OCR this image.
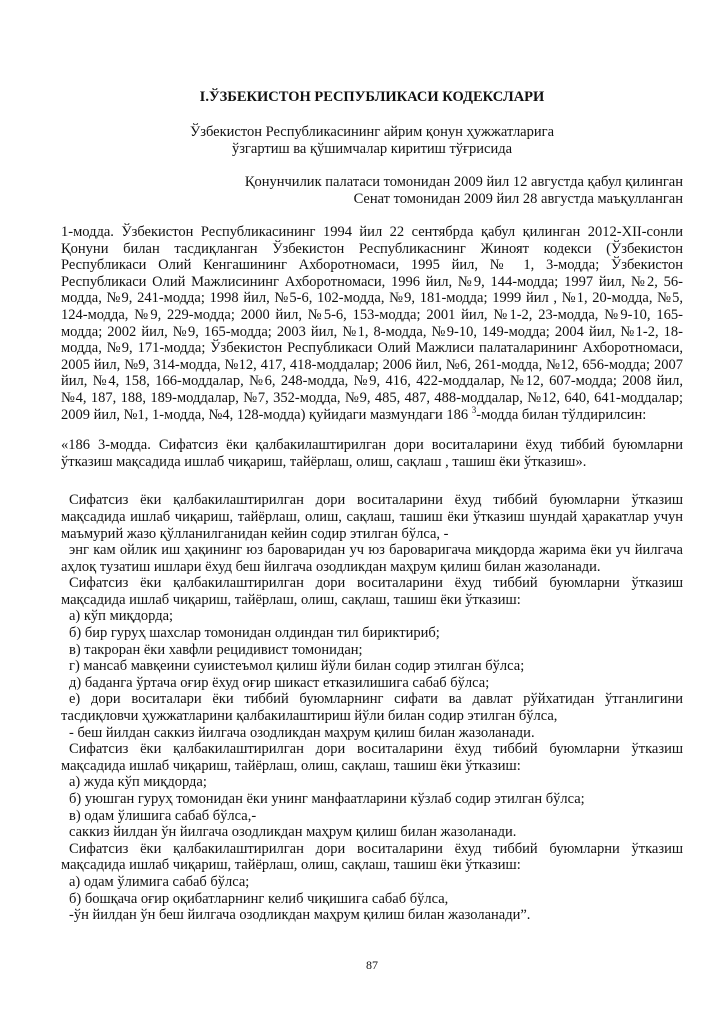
I.ЎЗБЕКИСТОН РЕСПУБЛИКАСИ КОДЕКСЛАРИ
Ўзбекистон Республикасининг айрим қонун ҳужжатларига
ўзгартиш ва қўшимчалар киритиш тўғрисида
Қонунчилик палатаси томонидан 2009 йил 12 августда қабул қилинган
Сенат томонидан 2009 йил 28 августда маъқулланган

1-модда. Ўзбекистон Республикасининг 1994 йил 22 сентябрда қабул қилинган 2012-XII-сонли Қонуни билан тасдиқланган Ўзбекистон Республикаснинг Жиноят кодекси (Ўзбекистон Республикаси Олий Кенгашининг Ахборотномаси, 1995 йил, № 1, 3-модда; Ўзбекистон Республикаси Олий Мажлисининг Ахборотномаси, 1996 йил, №9, 144-модда; 1997 йил, №2, 56-модда, №9, 241-модда; 1998 йил, №5-6, 102-модда, №9, 181-модда; 1999 йил , №1, 20-модда, №5, 124-модда, №9, 229-модда; 2000 йил, №5-6, 153-модда; 2001 йил, №1-2, 23-модда, №9-10, 165-модда; 2002 йил, №9, 165-модда; 2003 йил, №1, 8-модда, №9-10, 149-модда; 2004 йил, №1-2, 18-модда, №9, 171-модда; Ўзбекистон Республикаси Олий Мажлиси палаталарининг Ахборотномаси, 2005 йил, №9, 314-модда, №12, 417, 418-моддалар; 2006 йил, №6, 261-модда, №12, 656-модда; 2007 йил, №4, 158, 166-моддалар, №6, 248-модда, №9, 416, 422-моддалар, №12, 607-модда; 2008 йил, №4, 187, 188, 189-моддалар, №7, 352-модда, №9, 485, 487, 488-моддалар, №12, 640, 641-моддалар; 2009 йил, №1, 1-модда, №4, 128-модда) қуйидаги мазмундаги 186 $^3$-модда билан тўлдирилсин:

«186 3-модда. Сифатсиз ёки қалбакилаштирилган дори воситаларини ёхуд тиббий буюмларни ўтказиш мақсадида ишлаб чиқариш, тайёрлаш, олиш, сақлаш , ташиш ёки ўтказиш».

Сифатсиз ёки қалбакилаштирилган дори воситаларини ёхуд тиббий буюмларни ўтказиш мақсадида ишлаб чиқариш, тайёрлаш, олиш, сақлаш, ташиш ёки ўтказиш шундай ҳаракатлар учун маъмурий жазо қўлланилганидан кейин содир этилган бўлса, -

энг кам ойлик иш ҳақининг юз бароваридан уч юз бароваригача миқдорда жарима ёки уч йилгача аҳлоқ тузатиш ишлари ёхуд беш йилгача озодликдан маҳрум қилиш билан жазоланади.

Сифатсиз ёки қалбакилаштирилган дори воситаларини ёхуд тиббий буюмларни ўтказиш мақсадида ишлаб чиқариш, тайёрлаш, олиш, сақлаш, ташиш ёки ўтказиш:

а) кўп миқдорда;

б) бир гуруҳ шахслар томонидан олдиндан тил бириктириб;

в) такроран ёки хавфли рецидивист томонидан;

г) мансаб мавқеини суиистеъмол қилиш йўли билан содир этилган бўлса;

д) баданга ўртача оғир ёхуд оғир шикаст етказилишига сабаб бўлса;

е) дори воситалари ёки тиббий буюмларнинг сифати ва давлат рўйхатидан ўтганлигини тасдиқловчи ҳужжатларини қалбакилаштириш йўли билан содир этилган бўлса,

- беш йилдан саккиз йилгача озодликдан маҳрум қилиш билан жазоланади.

Сифатсиз ёки қалбакилаштирилган дори воситаларини ёхуд тиббий буюмларни ўтказиш мақсадида ишлаб чиқариш, тайёрлаш, олиш, сақлаш, ташиш ёки ўтказиш:

а) жуда кўп миқдорда;

б) уюшган гуруҳ томонидан ёки унинг манфаатларини кўзлаб содир этилган бўлса;

в) одам ўлишига сабаб бўлса,-

саккиз йилдан ўн йилгача озодликдан маҳрум қилиш билан жазоланади.

Сифатсиз ёки қалбакилаштирилган дори воситаларини ёхуд тиббий буюмларни ўтказиш мақсадида ишлаб чиқариш, тайёрлаш, олиш, сақлаш, ташиш ёки ўтказиш:

а) одам ўлимига сабаб бўлса;

б) бошқача оғир оқибатларнинг келиб чиқишига сабаб бўлса,

-ўн йилдан ўн беш йилгача озодликдан маҳрум қилиш билан жазоланади”.

87
